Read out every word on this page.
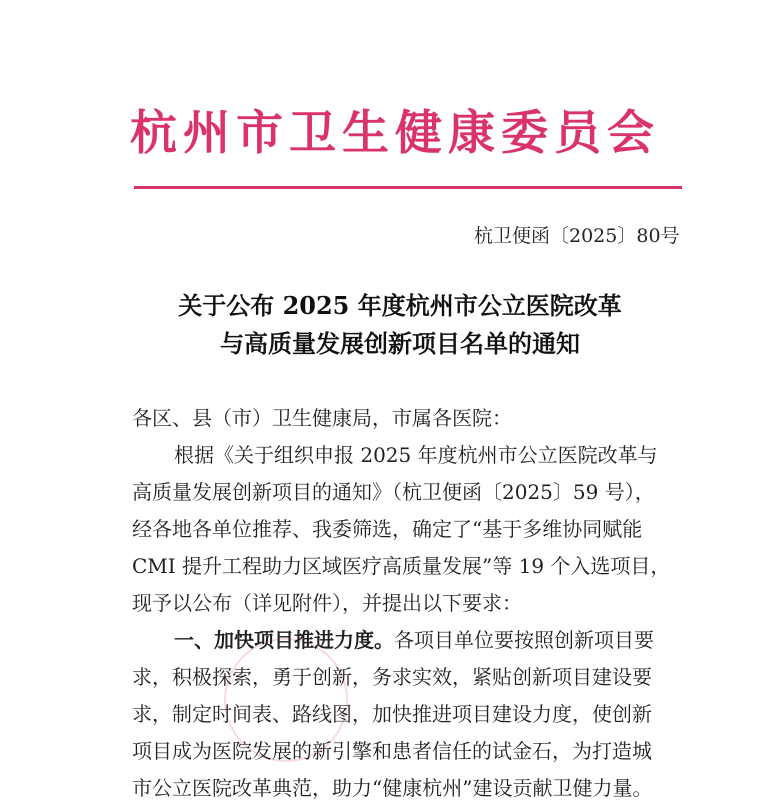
杭州市卫生健康委员会
杭卫便函〔2025〕80号
关于公布 2025 年度杭州市公立医院改革
与高质量发展创新项目名单的通知
各区、县（市）卫生健康局，市属各医院：
根据《关于组织申报 2025 年度杭州市公立医院改革与
高质量发展创新项目的通知》（杭卫便函〔2025〕59 号），
经各地各单位推荐、我委筛选，确定了“基于多维协同赋能
CMI 提升工程助力区域医疗高质量发展”等 19 个入选项目，
现予以公布（详见附件），并提出以下要求：
一、加快项目推进力度。各项目单位要按照创新项目要
求，积极探索，勇于创新，务求实效，紧贴创新项目建设要
求，制定时间表、路线图，加快推进项目建设力度，使创新
项目成为医院发展的新引擎和患者信任的试金石，为打造城
市公立医院改革典范，助力“健康杭州”建设贡献卫健力量。
